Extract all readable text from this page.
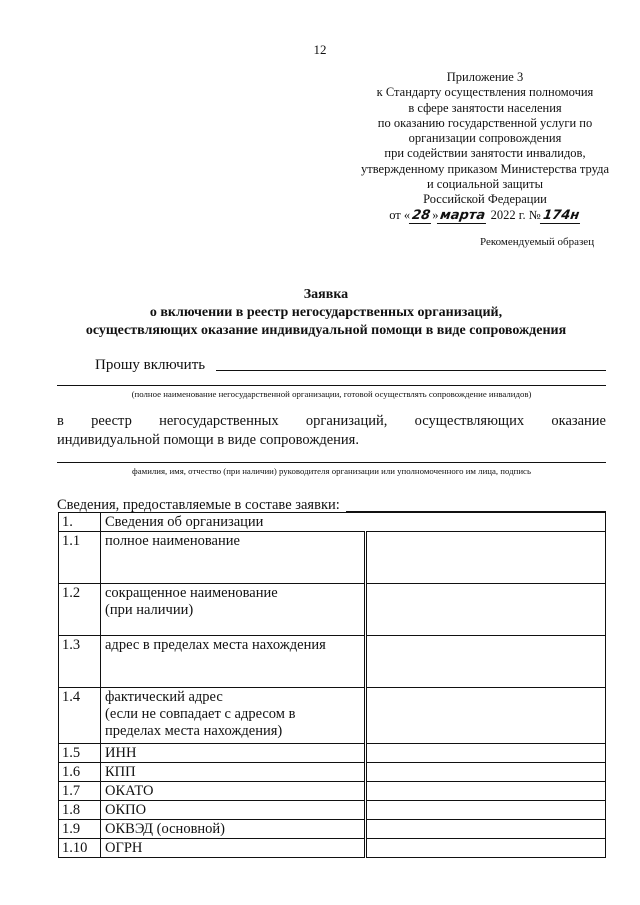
12
Приложение 3
к Стандарту осуществления полномочия
в сфере занятости населения
по оказанию государственной услуги по
организации сопровождения
при содействии занятости инвалидов,
утвержденному приказом Министерства труда
и социальной защиты
Российской Федерации
от «28»марта 2022 г. №174н
Рекомендуемый образец
Заявка
о включении в реестр негосударственных организаций,
осуществляющих оказание индивидуальной помощи в виде сопровождения
Прошу включить
(полное наименование негосударственной организации, готовой осуществлять сопровождение инвалидов)
в реестр негосударственных организаций, осуществляющих оказание
индивидуальной помощи в виде сопровождения.
фамилия, имя, отчество (при наличии) руководителя организации или уполномоченного им лица, подпись
Сведения, предоставляемые в составе заявки:
1.	Сведения об организации	
1.1	полное наименование	
1.2	сокращенное наименование
(при наличии)	
1.3	адрес в пределах места нахождения	
1.4	фактический адрес
(если не совпадает с адресом в
пределах места нахождения)	
1.5	ИНН	
1.6	КПП	
1.7	ОКАТО	
1.8	ОКПО	
1.9	ОКВЭД (основной)	
1.10	ОГРН	
